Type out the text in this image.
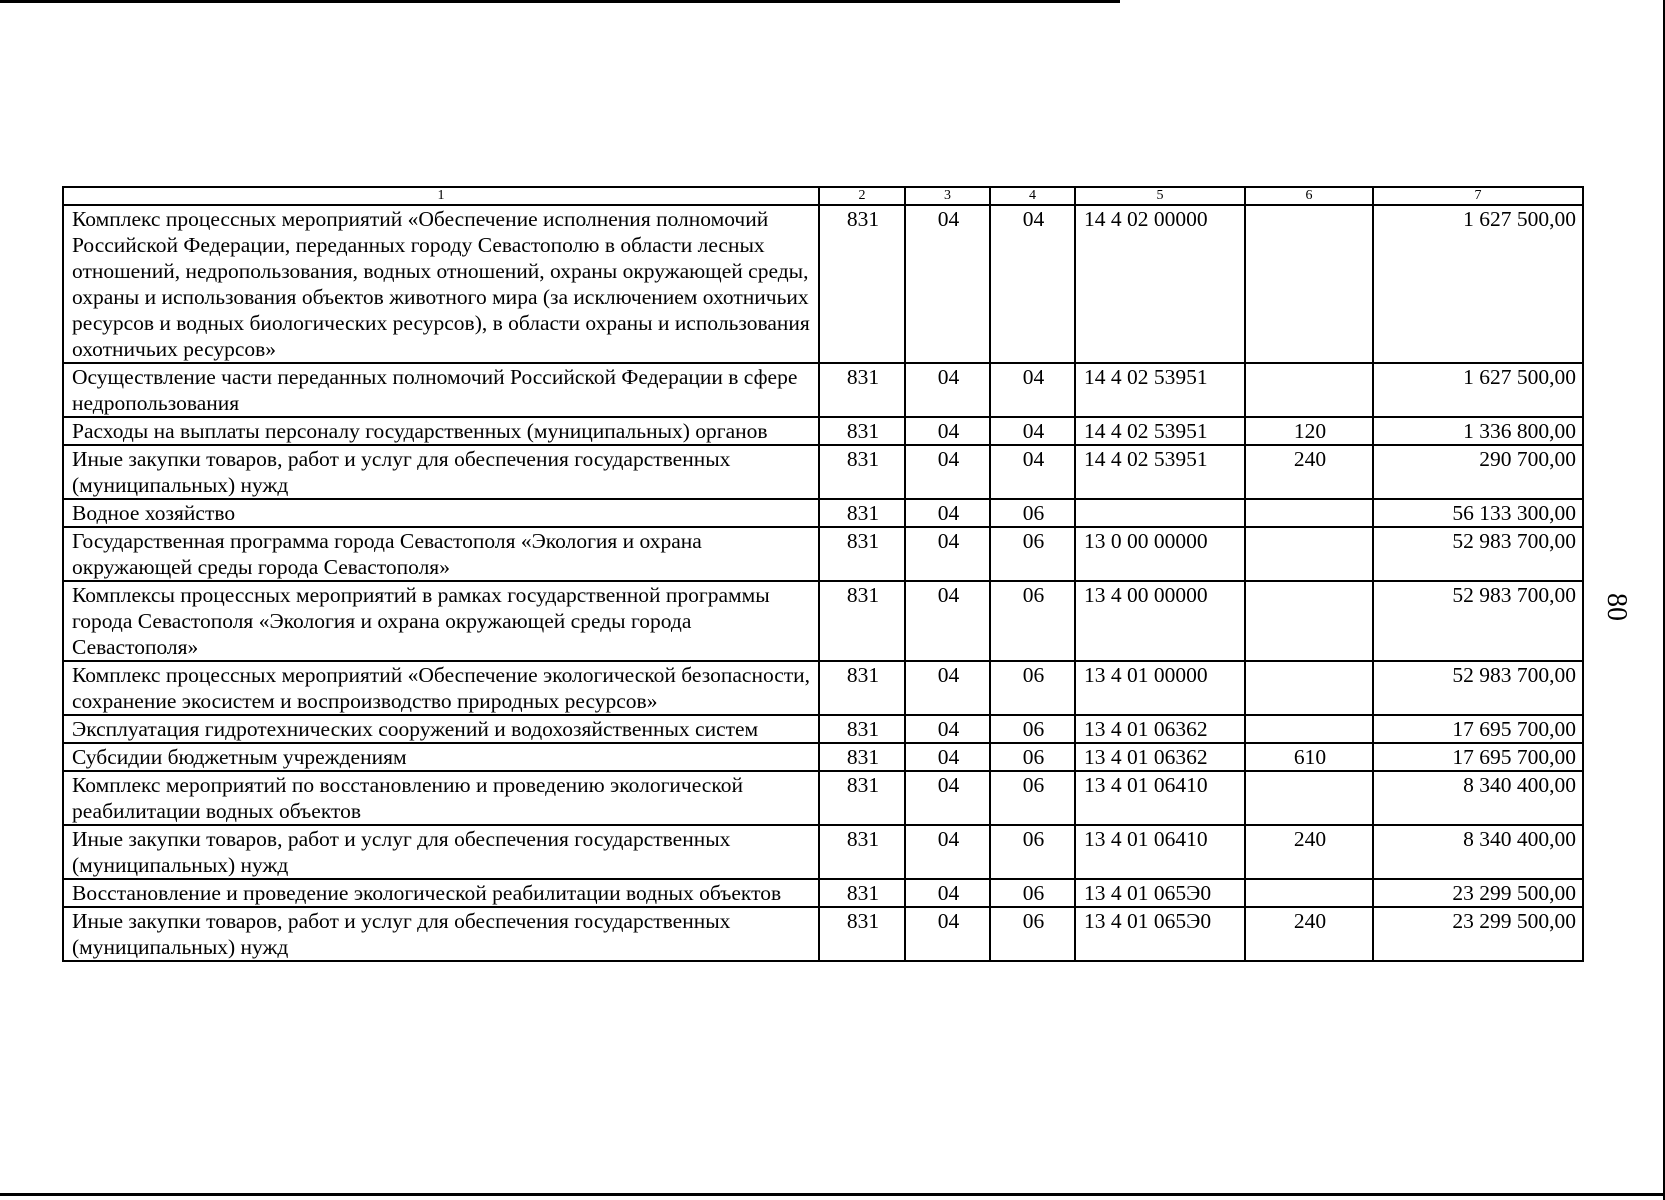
80
1	2	3	4	5	6	7
Комплекс процессных мероприятий «Обеспечение исполнения полномочий Российской Федерации, переданных городу Севастополю в области лесных отношений, недропользования, водных отношений, охраны окружающей среды, охраны и использования объектов животного мира (за исключением охотничьих ресурсов и водных биологических ресурсов), в области охраны и использования охотничьих ресурсов»	831	04	04	14 4 02 00000		1 627 500,00
Осуществление части переданных полномочий Российской Федерации в сфере недропользования	831	04	04	14 4 02 53951		1 627 500,00
Расходы на выплаты персоналу государственных (муниципальных) органов	831	04	04	14 4 02 53951	120	1 336 800,00
Иные закупки товаров, работ и услуг для обеспечения государственных (муниципальных) нужд	831	04	04	14 4 02 53951	240	290 700,00
Водное хозяйство	831	04	06			56 133 300,00
Государственная программа города Севастополя «Экология и охрана окружающей среды города Севастополя»	831	04	06	13 0 00 00000		52 983 700,00
Комплексы процессных мероприятий в рамках государственной программы города Севастополя «Экология и охрана окружающей среды города Севастополя»	831	04	06	13 4 00 00000		52 983 700,00
Комплекс процессных мероприятий «Обеспечение экологической безопасности, сохранение экосистем и воспроизводство природных ресурсов»	831	04	06	13 4 01 00000		52 983 700,00
Эксплуатация гидротехнических сооружений и водохозяйственных систем	831	04	06	13 4 01 06362		17 695 700,00
Субсидии бюджетным учреждениям	831	04	06	13 4 01 06362	610	17 695 700,00
Комплекс мероприятий по восстановлению и проведению экологической реабилитации водных объектов	831	04	06	13 4 01 06410		8 340 400,00
Иные закупки товаров, работ и услуг для обеспечения государственных (муниципальных) нужд	831	04	06	13 4 01 06410	240	8 340 400,00
Восстановление и проведение экологической реабилитации водных объектов	831	04	06	13 4 01 065Э0		23 299 500,00
Иные закупки товаров, работ и услуг для обеспечения государственных (муниципальных) нужд	831	04	06	13 4 01 065Э0	240	23 299 500,00
